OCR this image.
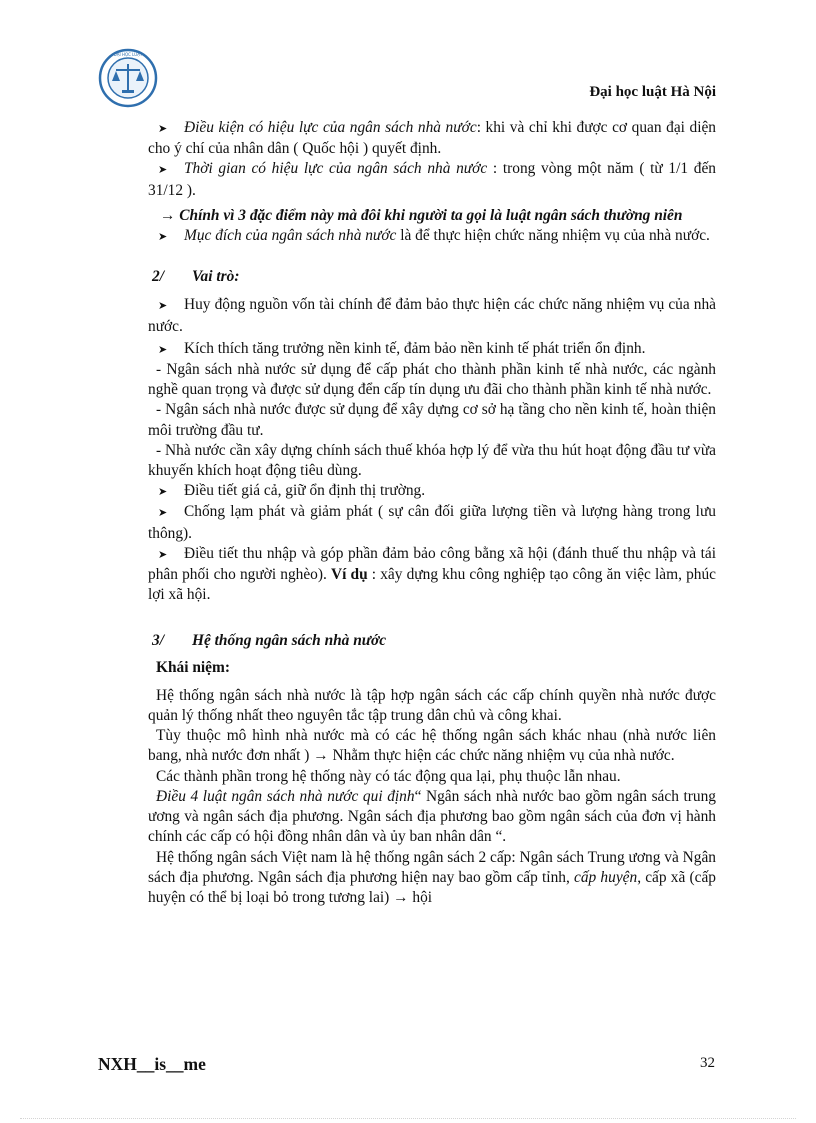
ĐẠI HỌC LUẬT
Đại học luật Hà Nội

➤ Điều kiện có hiệu lực của ngân sách nhà nước: khi và chỉ khi được cơ quan đại diện cho ý chí của nhân dân ( Quốc hội ) quyết định.

➤ Thời gian có hiệu lực của ngân sách nhà nước : trong vòng một năm ( từ 1/1 đến 31/12 ).

→ Chính vì 3 đặc điểm này mà đôi khi người ta gọi là luật ngân sách thường niên

➤ Mục đích của ngân sách nhà nước là để thực hiện chức năng nhiệm vụ của nhà nước.

2/ Vai trò:

➤ Huy động nguồn vốn tài chính để đảm bảo thực hiện các chức năng nhiệm vụ của nhà nước.

➤ Kích thích tăng trưởng nền kinh tế, đảm bảo nền kinh tế phát triển ổn định.

- Ngân sách nhà nước sử dụng để cấp phát cho thành phần kinh tế nhà nước, các ngành nghề quan trọng và được sử dụng đển cấp tín dụng ưu đãi cho thành phần kinh tế nhà nước.

- Ngân sách nhà nước được sử dụng để xây dựng cơ sở hạ tầng cho nền kinh tế, hoàn thiện môi trường đầu tư.

- Nhà nước cần xây dựng chính sách thuế khóa hợp lý để vừa thu hút hoạt động đầu tư vừa khuyến khích hoạt động tiêu dùng.

➤ Điều tiết giá cả, giữ ổn định thị trường.

➤ Chống lạm phát và giảm phát ( sự cân đối giữa lượng tiền và lượng hàng trong lưu thông).

➤ Điều tiết thu nhập và góp phần đảm bảo công bằng xã hội (đánh thuế thu nhập và tái phân phối cho người nghèo). Ví dụ : xây dựng khu công nghiệp tạo công ăn việc làm, phúc lợi xã hội.

3/ Hệ thống ngân sách nhà nước

Khái niệm:

Hệ thống ngân sách nhà nước là tập hợp ngân sách các cấp chính quyền nhà nước được quản lý thống nhất theo nguyên tắc tập trung dân chủ và công khai.

Tùy thuộc mô hình nhà nước mà có các hệ thống ngân sách khác nhau (nhà nước liên bang, nhà nước đơn nhất ) → Nhằm thực hiện các chức năng nhiệm vụ của nhà nước.

Các thành phần trong hệ thống này có tác động qua lại, phụ thuộc lẫn nhau.

Điều 4 luật ngân sách nhà nước qui định“ Ngân sách nhà nước bao gồm ngân sách trung ương và ngân sách địa phương. Ngân sách địa phương bao gồm ngân sách của đơn vị hành chính các cấp có hội đồng nhân dân và ủy ban nhân dân “.

Hệ thống ngân sách Việt nam là hệ thống ngân sách 2 cấp: Ngân sách Trung ương và Ngân sách địa phương. Ngân sách địa phương hiện nay bao gồm cấp tỉnh, cấp huyện, cấp xã (cấp huyện có thể bị loại bỏ trong tương lai) → hội

NXH__is__me	32
